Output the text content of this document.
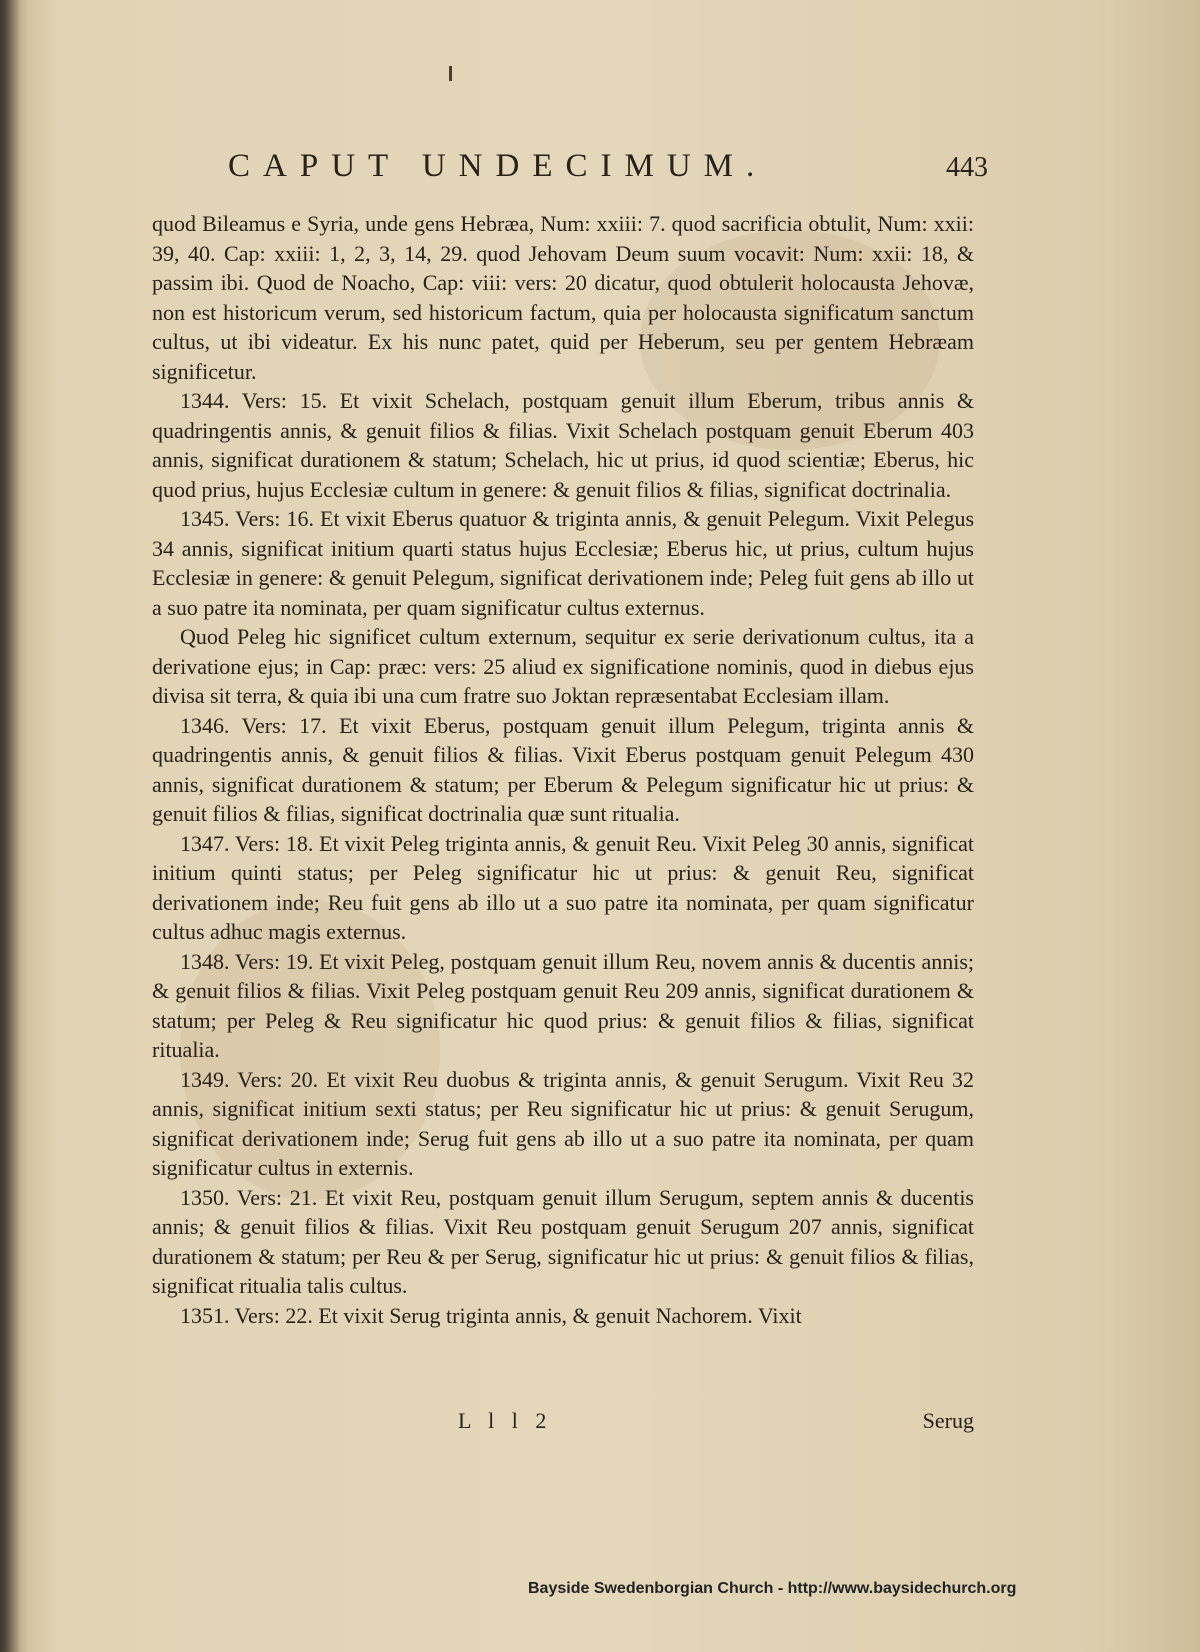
CAPUT UNDECIMUM.	443

quod Bileamus e Syria, unde gens Hebræa, Num: xxiii: 7. quod sacrificia obtulit, Num: xxii: 39, 40. Cap: xxiii: 1, 2, 3, 14, 29. quod Jehovam Deum suum vocavit: Num: xxii: 18, & passim ibi. Quod de Noacho, Cap: viii: vers: 20 dicatur, quod obtulerit holocausta Jehovæ, non est historicum verum, sed historicum factum, quia per holocausta significatum sanctum cultus, ut ibi videatur. Ex his nunc patet, quid per Heberum, seu per gentem Hebræam significetur.

1344. Vers: 15. Et vixit Schelach, postquam genuit illum Eberum, tribus annis & quadringentis annis, & genuit filios & filias. Vixit Schelach postquam genuit Eberum 403 annis, significat durationem & statum; Schelach, hic ut prius, id quod scientiæ; Eberus, hic quod prius, hujus Ecclesiæ cultum in genere: & genuit filios & filias, significat doctrinalia.

1345. Vers: 16. Et vixit Eberus quatuor & triginta annis, & genuit Pelegum. Vixit Pelegus 34 annis, significat initium quarti status hujus Ecclesiæ; Eberus hic, ut prius, cultum hujus Ecclesiæ in genere: & genuit Pelegum, significat derivationem inde; Peleg fuit gens ab illo ut a suo patre ita nominata, per quam significatur cultus externus.

Quod Peleg hic significet cultum externum, sequitur ex serie derivationum cultus, ita a derivatione ejus; in Cap: præc: vers: 25 aliud ex significatione nominis, quod in diebus ejus divisa sit terra, & quia ibi una cum fratre suo Joktan repræsentabat Ecclesiam illam.

1346. Vers: 17. Et vixit Eberus, postquam genuit illum Pelegum, triginta annis & quadringentis annis, & genuit filios & filias. Vixit Eberus postquam genuit Pelegum 430 annis, significat durationem & statum; per Eberum & Pelegum significatur hic ut prius: & genuit filios & filias, significat doctrinalia quæ sunt ritualia.

1347. Vers: 18. Et vixit Peleg triginta annis, & genuit Reu. Vixit Peleg 30 annis, significat initium quinti status; per Peleg significatur hic ut prius: & genuit Reu, significat derivationem inde; Reu fuit gens ab illo ut a suo patre ita nominata, per quam significatur cultus adhuc magis externus.

1348. Vers: 19. Et vixit Peleg, postquam genuit illum Reu, novem annis & ducentis annis; & genuit filios & filias. Vixit Peleg postquam genuit Reu 209 annis, significat durationem & statum; per Peleg & Reu significatur hic quod prius: & genuit filios & filias, significat ritualia.

1349. Vers: 20. Et vixit Reu duobus & triginta annis, & genuit Serugum. Vixit Reu 32 annis, significat initium sexti status; per Reu significatur hic ut prius: & genuit Serugum, significat derivationem inde; Serug fuit gens ab illo ut a suo patre ita nominata, per quam significatur cultus in externis.

1350. Vers: 21. Et vixit Reu, postquam genuit illum Serugum, septem annis & ducentis annis; & genuit filios & filias. Vixit Reu postquam genuit Serugum 207 annis, significat durationem & statum; per Reu & per Serug, significatur hic ut prius: & genuit filios & filias, significat ritualia talis cultus.

1351. Vers: 22. Et vixit Serug triginta annis, & genuit Nachorem. Vixit

L l l 2	Serug
Bayside Swedenborgian Church - http://www.baysidechurch.org
